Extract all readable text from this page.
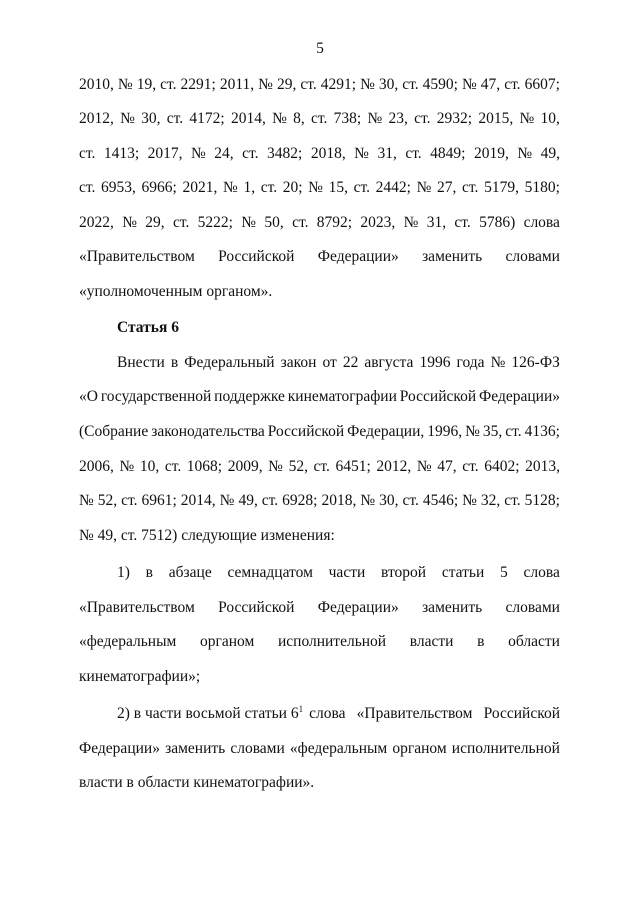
5
2010, № 19, ст. 2291; 2011, № 29, ст. 4291; № 30, ст. 4590; № 47, ст. 6607;
2012, № 30, ст. 4172; 2014, № 8, ст. 738; № 23, ст. 2932; 2015, № 10,
ст. 1413; 2017, № 24, ст. 3482; 2018, № 31, ст. 4849; 2019, № 49,
ст. 6953, 6966; 2021, № 1, ст. 20; № 15, ст. 2442; № 27, ст. 5179, 5180;
2022, № 29, ст. 5222; № 50, ст. 8792; 2023, № 31, ст. 5786) слова
«Правительством Российской Федерации» заменить словами
«уполномоченным органом».
Статья 6
Внести в Федеральный закон от 22 августа 1996 года № 126-ФЗ
«О государственной поддержке кинематографии Российской Федерации»
(Собрание законодательства Российской Федерации, 1996, № 35, ст. 4136;
2006, № 10, ст. 1068; 2009, № 52, ст. 6451; 2012, № 47, ст. 6402; 2013,
№ 52, ст. 6961; 2014, № 49, ст. 6928; 2018, № 30, ст. 4546; № 32, ст. 5128;
№ 49, ст. 7512) следующие изменения:
1) в абзаце семнадцатом части второй статьи 5 слова
«Правительством Российской Федерации» заменить словами
«федеральным органом исполнительной власти в области
кинематографии»;
2) в части восьмой статьи $6^1$ слова «Правительством Российской
Федерации» заменить словами «федеральным органом исполнительной
власти в области кинематографии».
